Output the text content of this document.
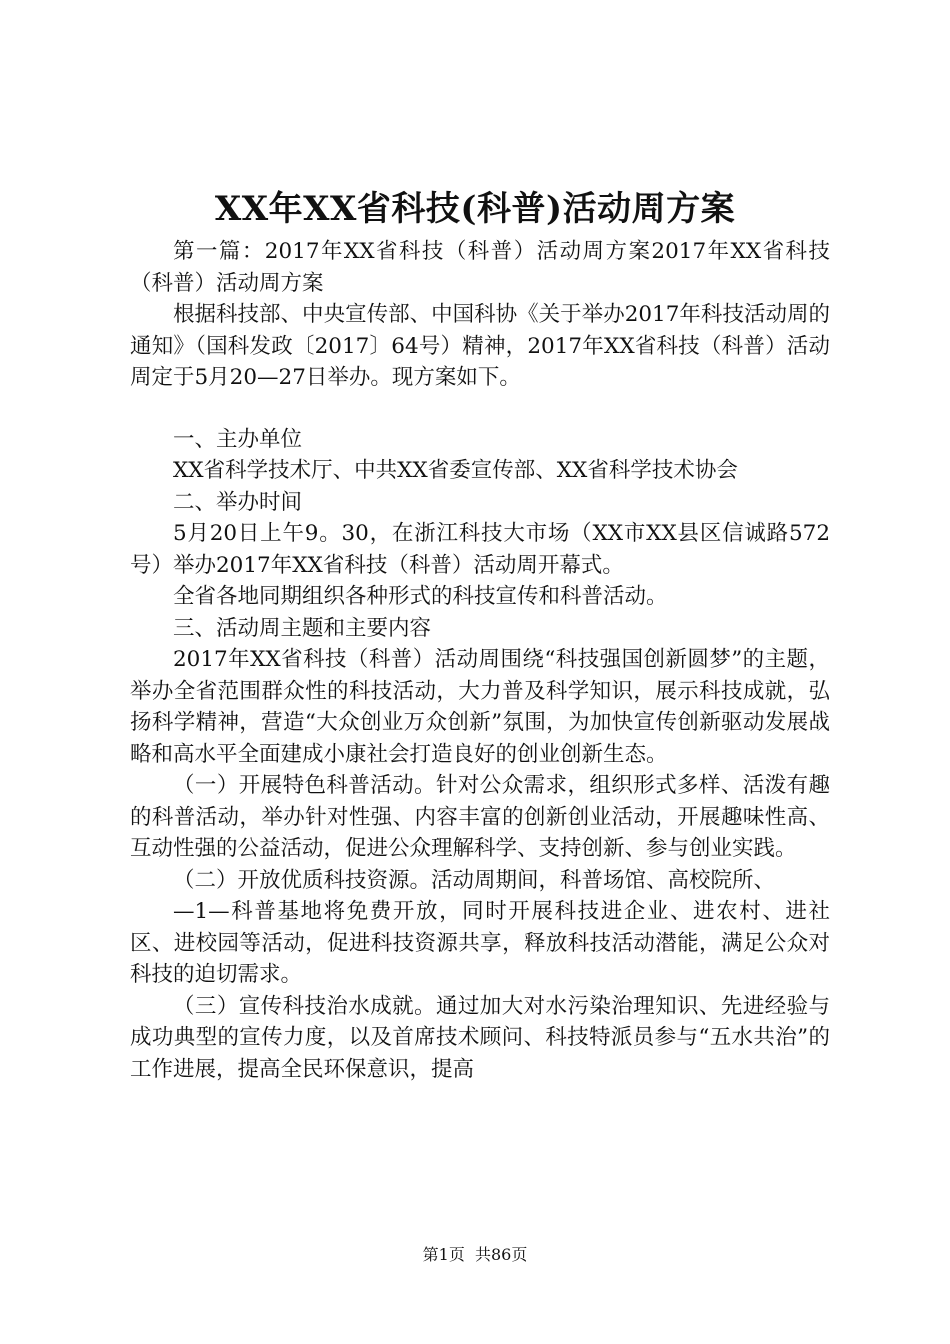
XX年XX省科技(科普)活动周方案

第一篇：2017年XX省科技（科普）活动周方案2017年XX省科技（科普）活动周方案

根据科技部、中央宣传部、中国科协《关于举办2017年科技活动周的通知》（国科发政〔2017〕64号）精神，2017年XX省科技（科普）活动周定于5月20—27日举办。现方案如下。

一、主办单位

XX省科学技术厅、中共XX省委宣传部、XX省科学技术协会

二、举办时间

5月20日上午9。30，在浙江科技大市场（XX市XX县区信诚路572号）举办2017年XX省科技（科普）活动周开幕式。

全省各地同期组织各种形式的科技宣传和科普活动。

三、活动周主题和主要内容

2017年XX省科技（科普）活动周围绕“科技强国创新圆梦”的主题，举办全省范围群众性的科技活动，大力普及科学知识，展示科技成就，弘扬科学精神，营造“大众创业万众创新”氛围，为加快宣传创新驱动发展战略和高水平全面建成小康社会打造良好的创业创新生态。

（一）开展特色科普活动。针对公众需求，组织形式多样、活泼有趣的科普活动，举办针对性强、内容丰富的创新创业活动，开展趣味性高、互动性强的公益活动，促进公众理解科学、支持创新、参与创业实践。

（二）开放优质科技资源。活动周期间，科普场馆、高校院所、

—1—科普基地将免费开放，同时开展科技进企业、进农村、进社区、进校园等活动，促进科技资源共享，释放科技活动潜能，满足公众对科技的迫切需求。

（三）宣传科技治水成就。通过加大对水污染治理知识、先进经验与成功典型的宣传力度，以及首席技术顾问、科技特派员参与“五水共治”的工作进展，提高全民环保意识，提高

第1页  共86页
